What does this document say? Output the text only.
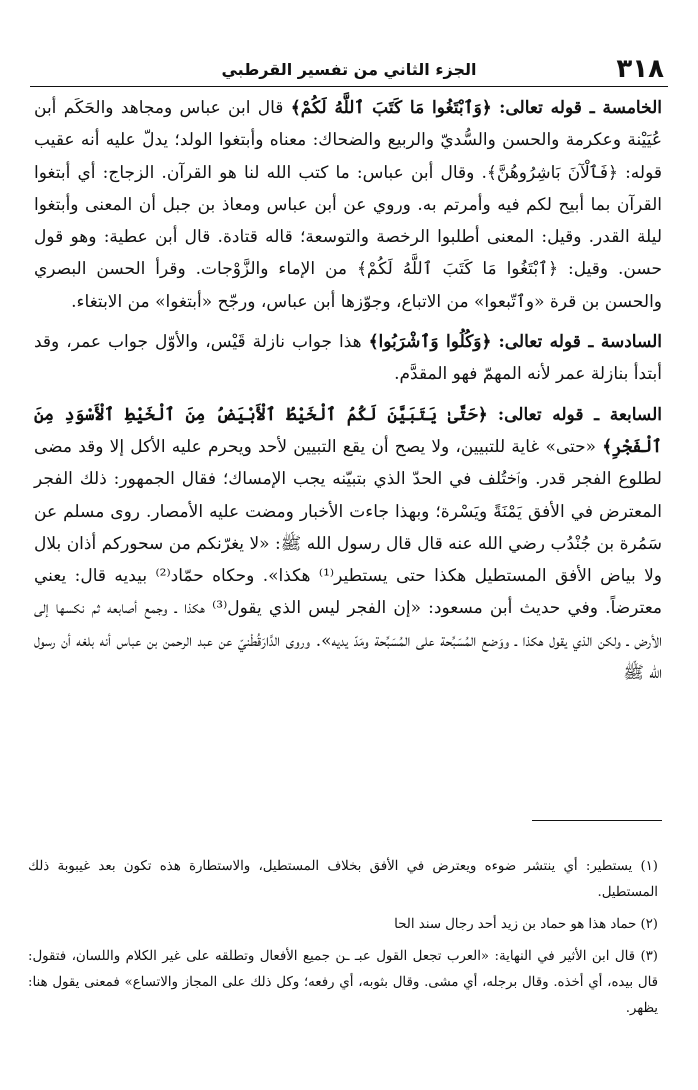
٣١٨
الجزء الثاني من تفسير القرطبي

الخامسة ـ قوله تعالى: ﴿وَٱبْتَغُوا مَا كَتَبَ ٱللَّهُ لَكُمْ﴾ قال ابن عباس ومجاهد والحَكَم أبن عُيَيْنة وعكرمة والحسن والسُّديّ والربيع والضحاك: معناه وأبتغوا الولد؛ يدلّ عليه أنه عقيب قوله: ﴿فَٱلْآنَ بَاشِرُوهُنَّ﴾. وقال أبن عباس: ما كتب الله لنا هو القرآن. الزجاج: أي أبتغوا القرآن بما أبيح لكم فيه وأمرتم به. وروي عن أبن عباس ومعاذ بن جبل أن المعنى وأبتغوا ليلة القدر. وقيل: المعنى أطلبوا الرخصة والتوسعة؛ قاله قتادة. قال أبن عطية: وهو قول حسن. وقيل: ﴿ٱبْتَغُوا مَا كَتَبَ ٱللَّهُ لَكُمْ﴾ من الإماء والزَّوْجات. وقرأ الحسن البصري والحسن بن قرة «وٱتّبعوا» من الاتباع، وجوّزها أبن عباس، ورجّح «أبتغوا» من الابتغاء.

السادسة ـ قوله تعالى: ﴿وَكُلُوا وَٱشْرَبُوا﴾ هذا جواب نازلة قَيْس، والأوّل جواب عمر، وقد أبتدأ بنازلة عمر لأنه المهمّ فهو المقدَّم.

السابعة ـ قوله تعالى: ﴿حَتَّىٰ يَتَبَيَّنَ لَكُمُ ٱلْخَيْطُ ٱلْأَبْيَضُ مِنَ ٱلْخَيْطِ ٱلْأَسْوَدِ مِنَ ٱلْفَجْرِ﴾ «حتى» غاية للتبيين، ولا يصح أن يقع التبيين لأحد ويحرم عليه الأكل إلا وقد مضى لطلوع الفجر قدر. وٱختُلف في الحدّ الذي بتبيّنه يجب الإمساك؛ فقال الجمهور: ذلك الفجر المعترض في الأفق يَمْنَةً ويَسْرة؛ وبهذا جاءت الأخبار ومضت عليه الأمصار. روى مسلم عن سَمُرة بن جُنْدُب رضي الله عنه قال قال رسول الله ﷺ: «لا يغرّنكم من سحوركم أذان بلال ولا بياض الأفق المستطيل هكذا حتى يستطير⁽¹⁾ هكذا». وحكاه حمّاد⁽²⁾ بيديه قال: يعني معترضاً. وفي حديث أبن مسعود: «إن الفجر ليس الذي يقول⁽³⁾ هكذا ـ وجمع أصابعه ثم نكسها إلى الأرض ـ ولكن الذي يقول هكذا ـ ووَضع المُسَبِّحة على المُسَبِّحة ومَدّ يديه». وروى الدَّارَقُطْنيّ عن عبد الرحمن بن عباس أنه بلغه أن رسول الله ﷺ

(١) يستطير: أي ينتشر ضوءه ويعترض في الأفق بخلاف المستطيل، والاستطارة هذه تكون بعد غيبوبة ذلك المستطيل.

(٢) حماد هذا هو حماد بن زيد أحد رجال سند الحا

(٣) قال ابن الأثير في النهاية: «العرب تجعل القول عبـ ـن جميع الأفعال وتطلقه على غير الكلام واللسان، فتقول: قال بيده، أي أخذه. وقال برجله، أي مشى. وقال بثوبه، أي رفعه؛ وكل ذلك على المجاز والاتساع» فمعنى يقول هنا: يظهر.
